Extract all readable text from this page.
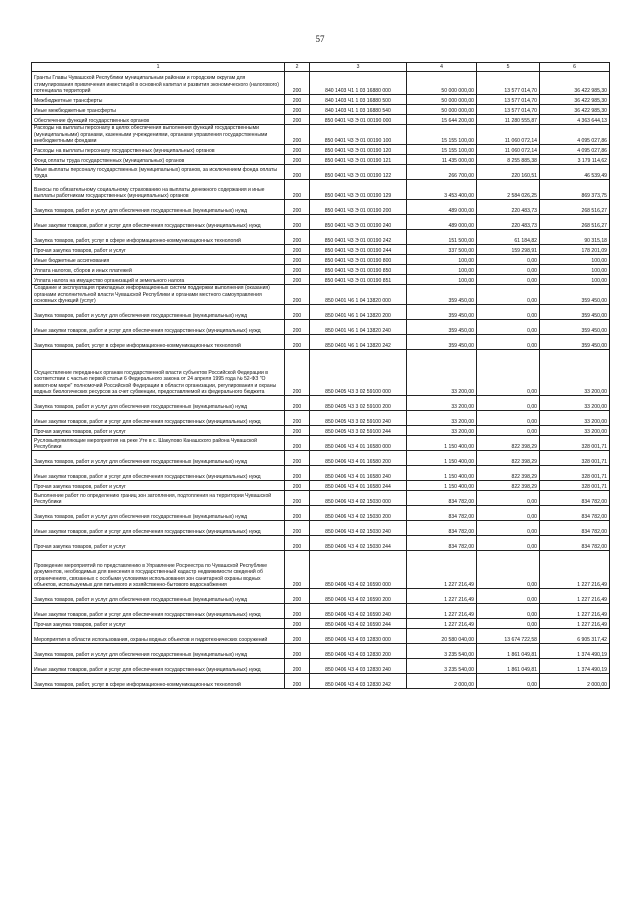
57
1	2	3	4	5	6
Гранты Главы Чувашской Республики муниципальным районам и городским округам для стимулирования привлечения инвестиций в основной капитал и развития экономического (налогового) потенциала территорий	200	840 1403 Ч1 1 03 16880 000	50 000 000,00	13 577 014,70	36 422 985,30
Межбюджетные трансферты	200	840 1403 Ч1 1 03 16880 500	50 000 000,00	13 577 014,70	36 422 985,30
Иные межбюджетные трансферты	200	840 1403 Ч1 1 03 16880 540	50 000 000,00	13 577 014,70	36 422 985,30
Обеспечение функций государственных органов	200	850 0401 Ч3 Э 01 00190 000	15 644 200,00	11 280 555,87	4 363 644,13
Расходы на выплаты персоналу в целях обеспечения выполнения функций государственными (муниципальными) органами, казенными учреждениями, органами управления государственными внебюджетными фондами	200	850 0401 Ч3 Э 01 00190 100	15 155 100,00	11 060 072,14	4 095 027,86
Расходы на выплаты персоналу государственных (муниципальных) органов	200	850 0401 Ч3 Э 01 00190 120	15 155 100,00	11 060 072,14	4 095 027,86
Фонд оплаты труда государственных (муниципальных) органов	200	850 0401 Ч3 Э 01 00190 121	11 435 000,00	8 255 885,38	3 179 114,62
Иные выплаты персоналу государственных (муниципальных) органов, за исключением фонда оплаты труда	200	850 0401 Ч3 Э 01 00190 122	266 700,00	220 160,51	46 539,49
Взносы по обязательному социальному страхованию на выплаты денежного содержания и иные выплаты работникам государственных (муниципальных) органов	200	850 0401 Ч3 Э 01 00190 129	3 453 400,00	2 584 026,25	869 373,75
Закупка товаров, работ и услуг для обеспечения государственных (муниципальных) нужд	200	850 0401 Ч3 Э 01 00190 200	489 000,00	220 483,73	268 516,27
Иные закупки товаров, работ и услуг для обеспечения государственных (муниципальных) нужд	200	850 0401 Ч3 Э 01 00190 240	489 000,00	220 483,73	268 516,27
Закупка товаров, работ, услуг в сфере информационно-коммуникационных технологий	200	850 0401 Ч3 Э 01 00190 242	151 500,00	61 184,82	90 315,18
Прочая закупка товаров, работ и услуг	200	850 0401 Ч3 Э 01 00190 244	337 500,00	159 298,91	178 201,09
Иные бюджетные ассигнования	200	850 0401 Ч3 Э 01 00190 800	100,00	0,00	100,00
Уплата налогов, сборов и иных платежей	200	850 0401 Ч3 Э 01 00190 850	100,00	0,00	100,00
Уплата налога на имущество организаций и земельного налога	200	850 0401 Ч3 Э 01 00190 851	100,00	0,00	100,00
Создание и эксплуатация прикладных информационных систем поддержки выполнения (оказания) органами исполнительной власти Чувашской Республики и органами местного самоуправления основных функций (услуг)	200	850 0401 Ч6 1 04 13820 000	359 450,00	0,00	359 450,00
Закупка товаров, работ и услуг для обеспечения государственных (муниципальных) нужд	200	850 0401 Ч6 1 04 13820 200	359 450,00	0,00	359 450,00
Иные закупки товаров, работ и услуг для обеспечения государственных (муниципальных) нужд	200	850 0401 Ч6 1 04 13820 240	359 450,00	0,00	359 450,00
Закупка товаров, работ, услуг в сфере информационно-коммуникационных технологий	200	850 0401 Ч6 1 04 13820 242	359 450,00	0,00	359 450,00
Осуществление переданных органам государственной власти субъектов Российской Федерации в соответствии с частью первой статьи 6 Федерального закона от 24 апреля 1995 года № 52-ФЗ "О животном мире" полномочий Российской Федерации в области организации, регулирования и охраны водных биологических ресурсов за счет субвенции, предоставляемой из федерального бюджета	200	850 0405 Ч3 3 02 59100 000	33 200,00	0,00	33 200,00
Закупка товаров, работ и услуг для обеспечения государственных (муниципальных) нужд	200	850 0405 Ч3 3 02 59100 200	33 200,00	0,00	33 200,00
Иные закупки товаров, работ и услуг для обеспечения государственных (муниципальных) нужд	200	850 0405 Ч3 3 02 59100 240	33 200,00	0,00	33 200,00
Прочая закупка товаров, работ и услуг	200	850 0405 Ч3 3 02 59100 244	33 200,00	0,00	33 200,00
Русловыпрямляющие мероприятия на реке Уте в с. Шакулово Канашского района Чувашской Республики	200	850 0406 Ч3 4 01 16580 000	1 150 400,00	822 398,29	328 001,71
Закупка товаров, работ и услуг для обеспечения государственных (муниципальных) нужд	200	850 0406 Ч3 4 01 16580 200	1 150 400,00	822 398,29	328 001,71
Иные закупки товаров, работ и услуг для обеспечения государственных (муниципальных) нужд	200	850 0406 Ч3 4 01 16580 240	1 150 400,00	822 398,29	328 001,71
Прочая закупка товаров, работ и услуг	200	850 0406 Ч3 4 01 16580 244	1 150 400,00	822 398,29	328 001,71
Выполнение работ по определению границ зон затопления, подтопления на территории Чувашской Республики	200	850 0406 Ч3 4 02 15030 000	834 782,00	0,00	834 782,00
Закупка товаров, работ и услуг для обеспечения государственных (муниципальных) нужд	200	850 0406 Ч3 4 02 15030 200	834 782,00	0,00	834 782,00
Иные закупки товаров, работ и услуг для обеспечения государственных (муниципальных) нужд	200	850 0406 Ч3 4 02 15030 240	834 782,00	0,00	834 782,00
Прочая закупка товаров, работ и услуг	200	850 0406 Ч3 4 02 15030 244	834 782,00	0,00	834 782,00
Проведение мероприятий по представлению в Управление Росреестра по Чувашской Республике документов, необходимых для внесения в государственный кадастр недвижимости сведений об ограничениях, связанных с особыми условиями использования зон санитарной охраны водных объектов, используемых для питьевого и хозяйственно-бытового водоснабжения	200	850 0406 Ч3 4 02 16590 000	1 227 216,49	0,00	1 227 216,49
Закупка товаров, работ и услуг для обеспечения государственных (муниципальных) нужд	200	850 0406 Ч3 4 02 16590 200	1 227 216,49	0,00	1 227 216,49
Иные закупки товаров, работ и услуг для обеспечения государственных (муниципальных) нужд	200	850 0406 Ч3 4 02 16590 240	1 227 216,49	0,00	1 227 216,49
Прочая закупка товаров, работ и услуг	200	850 0406 Ч3 4 02 16590 244	1 227 216,49	0,00	1 227 216,49
Мероприятия в области использования, охраны водных объектов и гидротехнических сооружений	200	850 0406 Ч3 4 03 12830 000	20 580 040,00	13 674 722,58	6 905 317,42
Закупка товаров, работ и услуг для обеспечения государственных (муниципальных) нужд	200	850 0406 Ч3 4 03 12830 200	3 235 540,00	1 861 049,81	1 374 490,19
Иные закупки товаров, работ и услуг для обеспечения государственных (муниципальных) нужд	200	850 0406 Ч3 4 03 12830 240	3 235 540,00	1 861 049,81	1 374 490,19
Закупка товаров, работ, услуг в сфере информационно-коммуникационных технологий	200	850 0406 Ч3 4 03 12830 242	2 000,00	0,00	2 000,00
